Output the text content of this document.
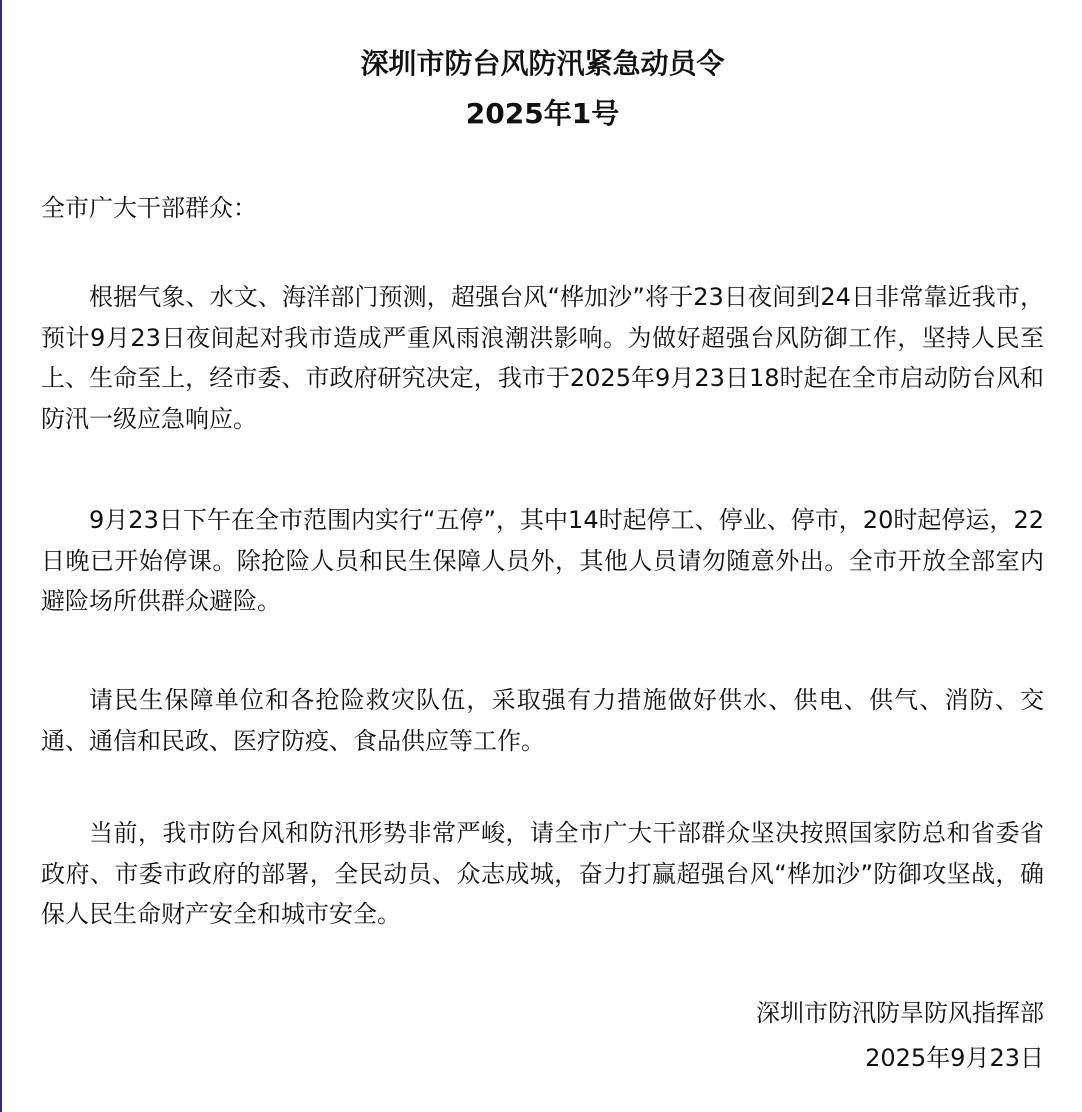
深圳市防台风防汛紧急动员令
2025年1号
全市广大干部群众：

根据气象、水文、海洋部门预测，超强台风“桦加沙”将于23日夜间到24日非常靠近我市，预计9月23日夜间起对我市造成严重风雨浪潮洪影响。为做好超强台风防御工作，坚持人民至上、生命至上，经市委、市政府研究决定，我市于2025年9月23日18时起在全市启动防台风和防汛一级应急响应。

9月23日下午在全市范围内实行“五停”，其中14时起停工、停业、停市，20时起停运，22日晚已开始停课。除抢险人员和民生保障人员外，其他人员请勿随意外出。全市开放全部室内避险场所供群众避险。

请民生保障单位和各抢险救灾队伍，采取强有力措施做好供水、供电、供气、消防、交通、通信和民政、医疗防疫、食品供应等工作。

当前，我市防台风和防汛形势非常严峻，请全市广大干部群众坚决按照国家防总和省委省政府、市委市政府的部署，全民动员、众志成城，奋力打赢超强台风“桦加沙”防御攻坚战，确保人民生命财产安全和城市安全。

深圳市防汛防旱防风指挥部
2025年9月23日
